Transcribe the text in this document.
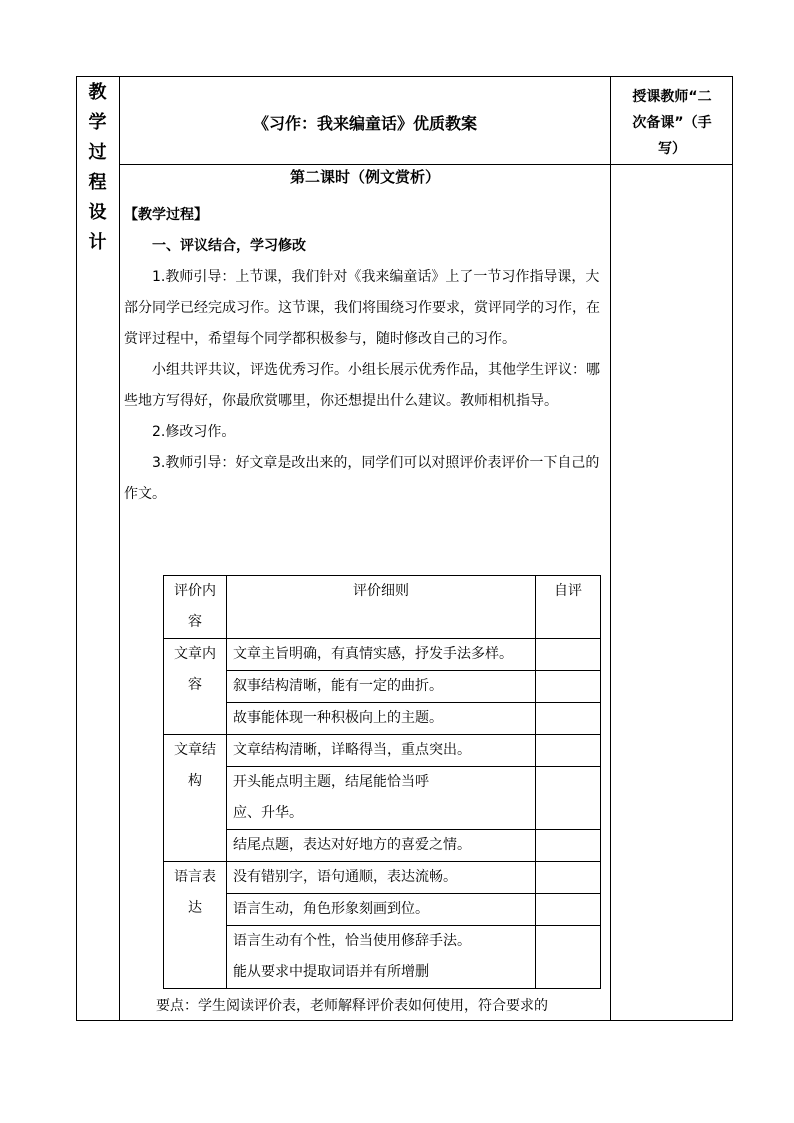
教
学
过
程
设
计
《习作：我来编童话》优质教案
授课教师“二
次备课”（手
写）
第二课时（例文赏析）

【教学过程】

一、评议结合，学习修改

1.教师引导：上节课，我们针对《我来编童话》上了一节习作指导课，大部分同学已经完成习作。这节课，我们将围绕习作要求，赏评同学的习作，在赏评过程中，希望每个同学都积极参与，随时修改自己的习作。

小组共评共议，评选优秀习作。小组长展示优秀作品，其他学生评议：哪些地方写得好，你最欣赏哪里，你还想提出什么建议。教师相机指导。

2.修改习作。

3.教师引导：好文章是改出来的，同学们可以对照评价表评价一下自己的作文。

评价内容	评价细则	自评
文章内容	文章主旨明确，有真情实感，抒发手法多样。	
	叙事结构清晰，能有一定的曲折。	
	故事能体现一种积极向上的主题。	
文章结构	文章结构清晰，详略得当，重点突出。	
	开头能点明主题，结尾能恰当呼应、升华。	
	结尾点题，表达对好地方的喜爱之情。	
语言表达	没有错别字，语句通顺，表达流畅。	
	语言生动，角色形象刻画到位。	
	语言生动有个性，恰当使用修辞手法。能从要求中提取词语并有所增删	
要点：学生阅读评价表，老师解释评价表如何使用，符合要求的
